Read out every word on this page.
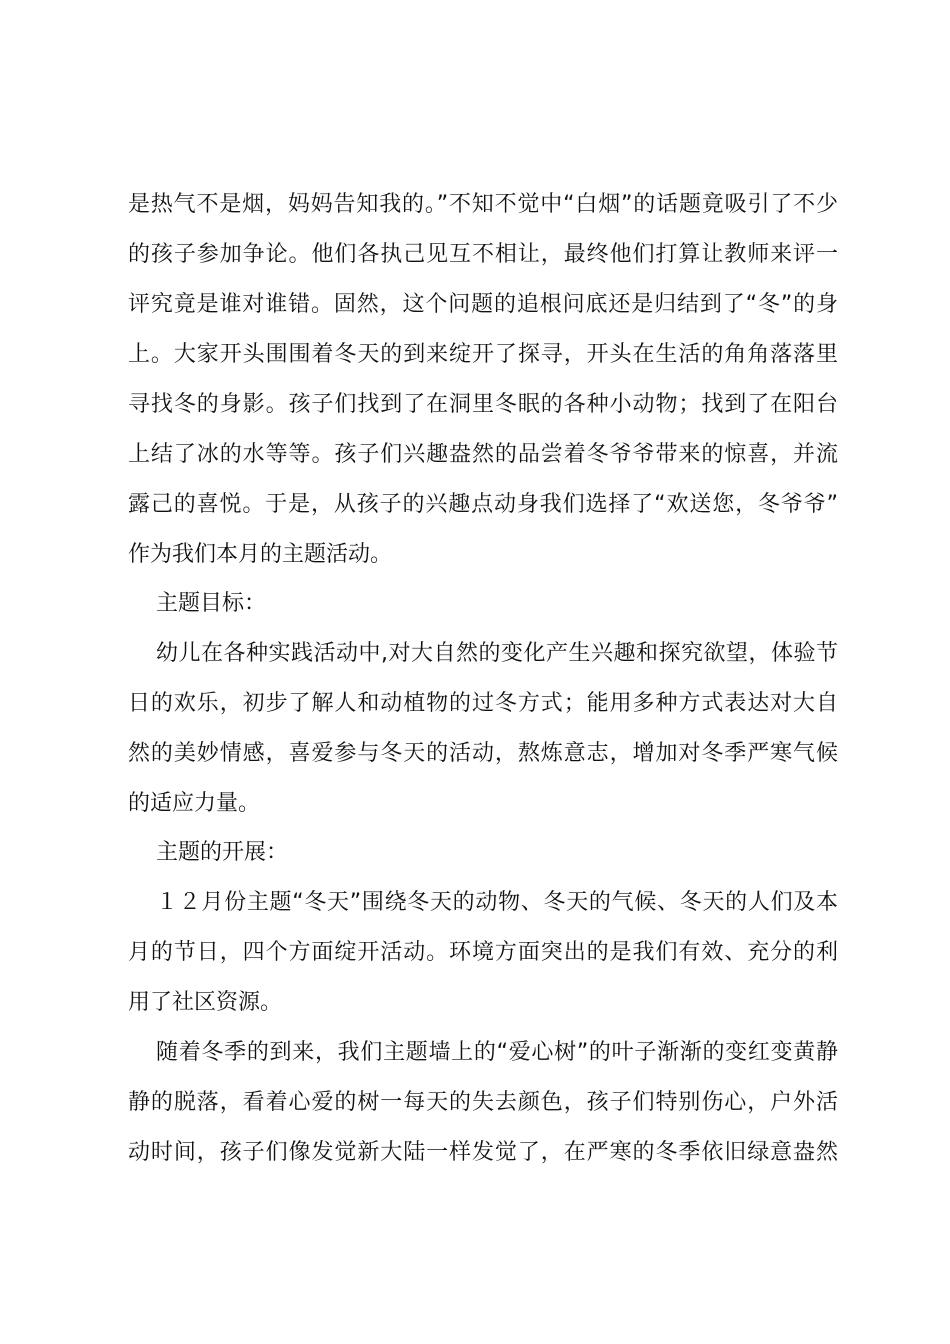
是热气不是烟，妈妈告知我的。”不知不觉中“白烟”的话题竟吸引了不少
的孩子参加争论。他们各执己见互不相让，最终他们打算让教师来评一
评究竟是谁对谁错。固然，这个问题的追根问底还是归结到了“冬”的身
上。大家开头围围着冬天的到来绽开了探寻，开头在生活的角角落落里
寻找冬的身影。孩子们找到了在洞里冬眠的各种小动物；找到了在阳台
上结了冰的水等等。孩子们兴趣盎然的品尝着冬爷爷带来的惊喜，并流
露己的喜悦。于是，从孩子的兴趣点动身我们选择了“欢送您，冬爷爷”
作为我们本月的主题活动。
主题目标：
幼儿在各种实践活动中,对大自然的变化产生兴趣和探究欲望，体验节
日的欢乐，初步了解人和动植物的过冬方式；能用多种方式表达对大自
然的美妙情感，喜爱参与冬天的活动，熬炼意志，增加对冬季严寒气候
的适应力量。
主题的开展：
１２月份主题“冬天”围绕冬天的动物、冬天的气候、冬天的人们及本
月的节日，四个方面绽开活动。环境方面突出的是我们有效、充分的利
用了社区资源。
随着冬季的到来，我们主题墙上的“爱心树”的叶子渐渐的变红变黄静
静的脱落，看着心爱的树一每天的失去颜色，孩子们特别伤心，户外活
动时间，孩子们像发觉新大陆一样发觉了，在严寒的冬季依旧绿意盎然
